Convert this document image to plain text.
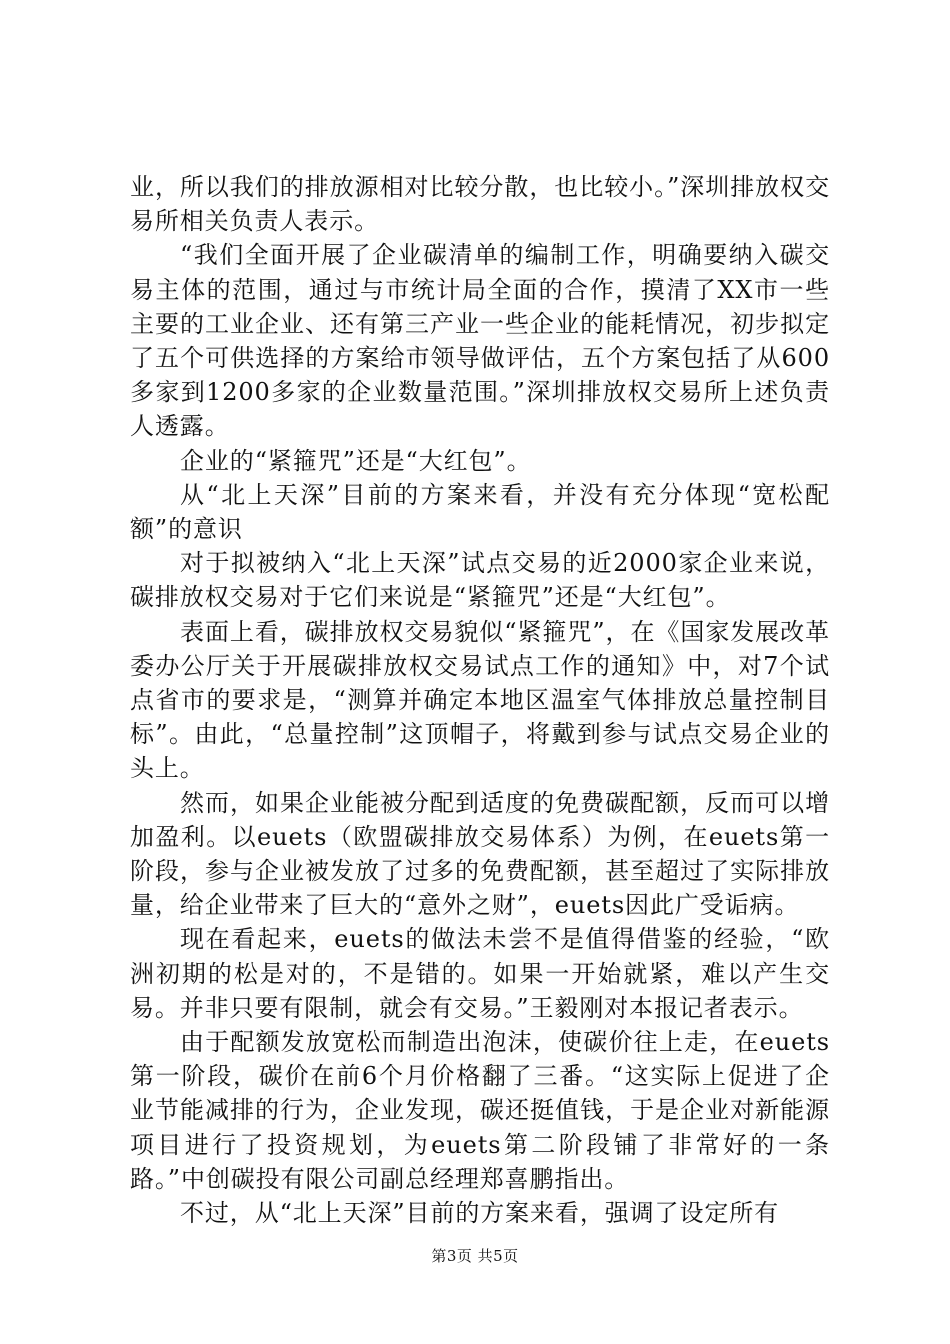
业，所以我们的排放源相对比较分散，也比较小。”深圳排放权交易所相关负责人表示。

“我们全面开展了企业碳清单的编制工作，明确要纳入碳交易主体的范围，通过与市统计局全面的合作，摸清了XX市一些主要的工业企业、还有第三产业一些企业的能耗情况，初步拟定了五个可供选择的方案给市领导做评估，五个方案包括了从600多家到1200多家的企业数量范围。”深圳排放权交易所上述负责人透露。

企业的“紧箍咒”还是“大红包”。

从“北上天深”目前的方案来看，并没有充分体现“宽松配额”的意识

对于拟被纳入“北上天深”试点交易的近2000家企业来说，碳排放权交易对于它们来说是“紧箍咒”还是“大红包”。

表面上看，碳排放权交易貌似“紧箍咒”，在《国家发展改革委办公厅关于开展碳排放权交易试点工作的通知》中，对7个试点省市的要求是，“测算并确定本地区温室气体排放总量控制目标”。由此，“总量控制”这顶帽子，将戴到参与试点交易企业的头上。

然而，如果企业能被分配到适度的免费碳配额，反而可以增加盈利。以euets（欧盟碳排放交易体系）为例，在euets第一阶段，参与企业被发放了过多的免费配额，甚至超过了实际排放量，给企业带来了巨大的“意外之财”，euets因此广受诟病。

现在看起来，euets的做法未尝不是值得借鉴的经验，“欧洲初期的松是对的，不是错的。如果一开始就紧，难以产生交易。并非只要有限制，就会有交易。”王毅刚对本报记者表示。

由于配额发放宽松而制造出泡沫，使碳价往上走，在euets第一阶段，碳价在前6个月价格翻了三番。“这实际上促进了企业节能减排的行为，企业发现，碳还挺值钱，于是企业对新能源项目进行了投资规划，为euets第二阶段铺了非常好的一条路。”中创碳投有限公司副总经理郑喜鹏指出。

不过，从“北上天深”目前的方案来看，强调了设定所有

第3页 共5页
